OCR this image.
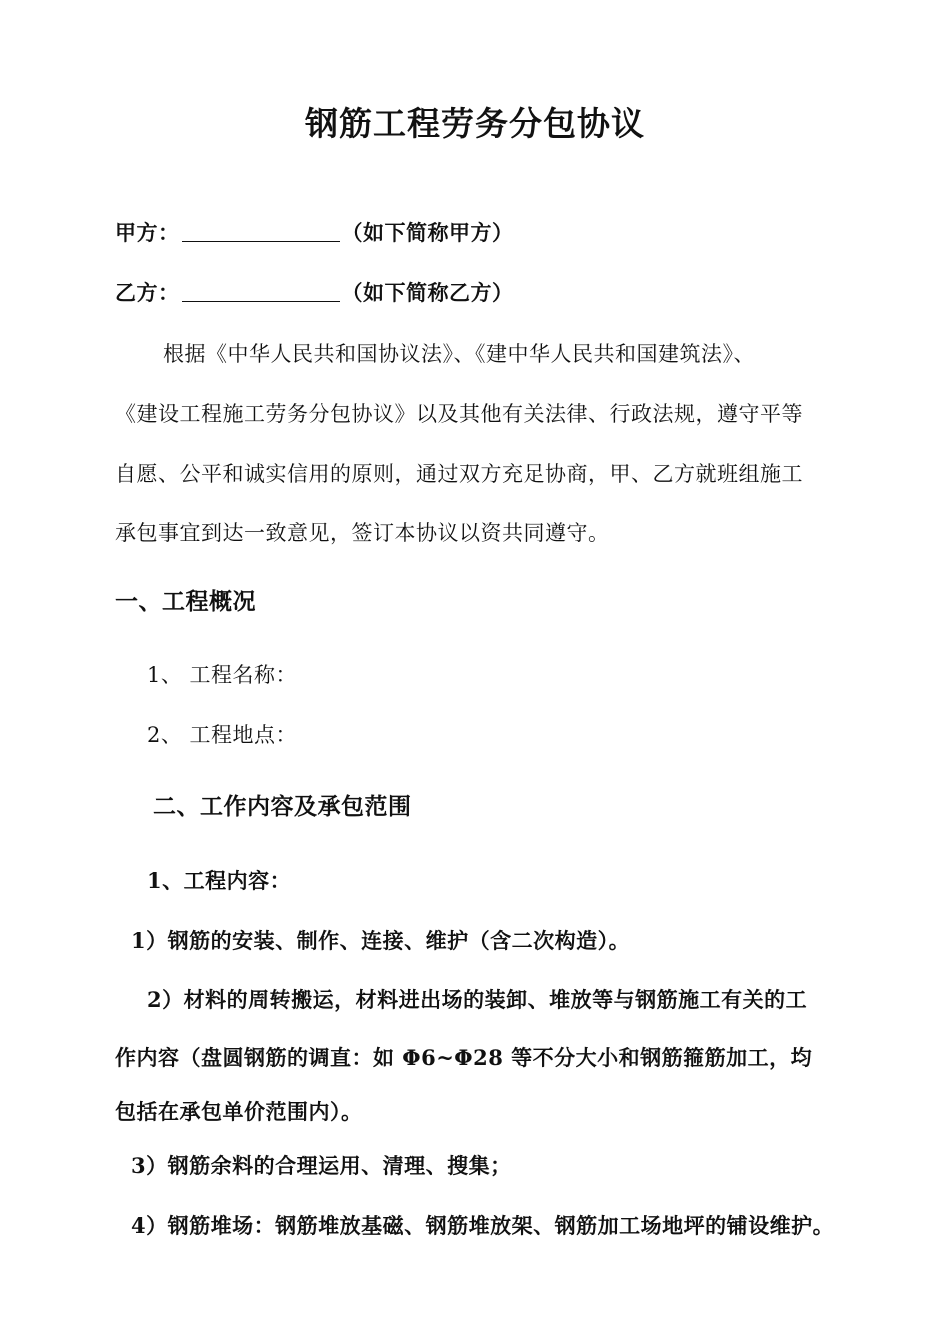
钢筋工程劳务分包协议
甲方：	（如下简称甲方）
乙方：	（如下简称乙方）
根据《中华人民共和国协议法》、《建中华人民共和国建筑法》、
《建设工程施工劳务分包协议》以及其他有关法律、行政法规，遵守平等
自愿、公平和诚实信用的原则，通过双方充足协商，甲、乙方就班组施工
承包事宜到达一致意见，签订本协议以资共同遵守。
一、工程概况
1、 工程名称：
2、 工程地点：
二、工作内容及承包范围
1、工程内容：
1）钢筋的安装、制作、连接、维护（含二次构造）。
2）材料的周转搬运，材料进出场的装卸、堆放等与钢筋施工有关的工
作内容（盘圆钢筋的调直：如 Φ6~Φ28 等不分大小和钢筋箍筋加工，均
包括在承包单价范围内）。
3）钢筋余料的合理运用、清理、搜集；
4）钢筋堆场：钢筋堆放基磁、钢筋堆放架、钢筋加工场地坪的铺设维护。
